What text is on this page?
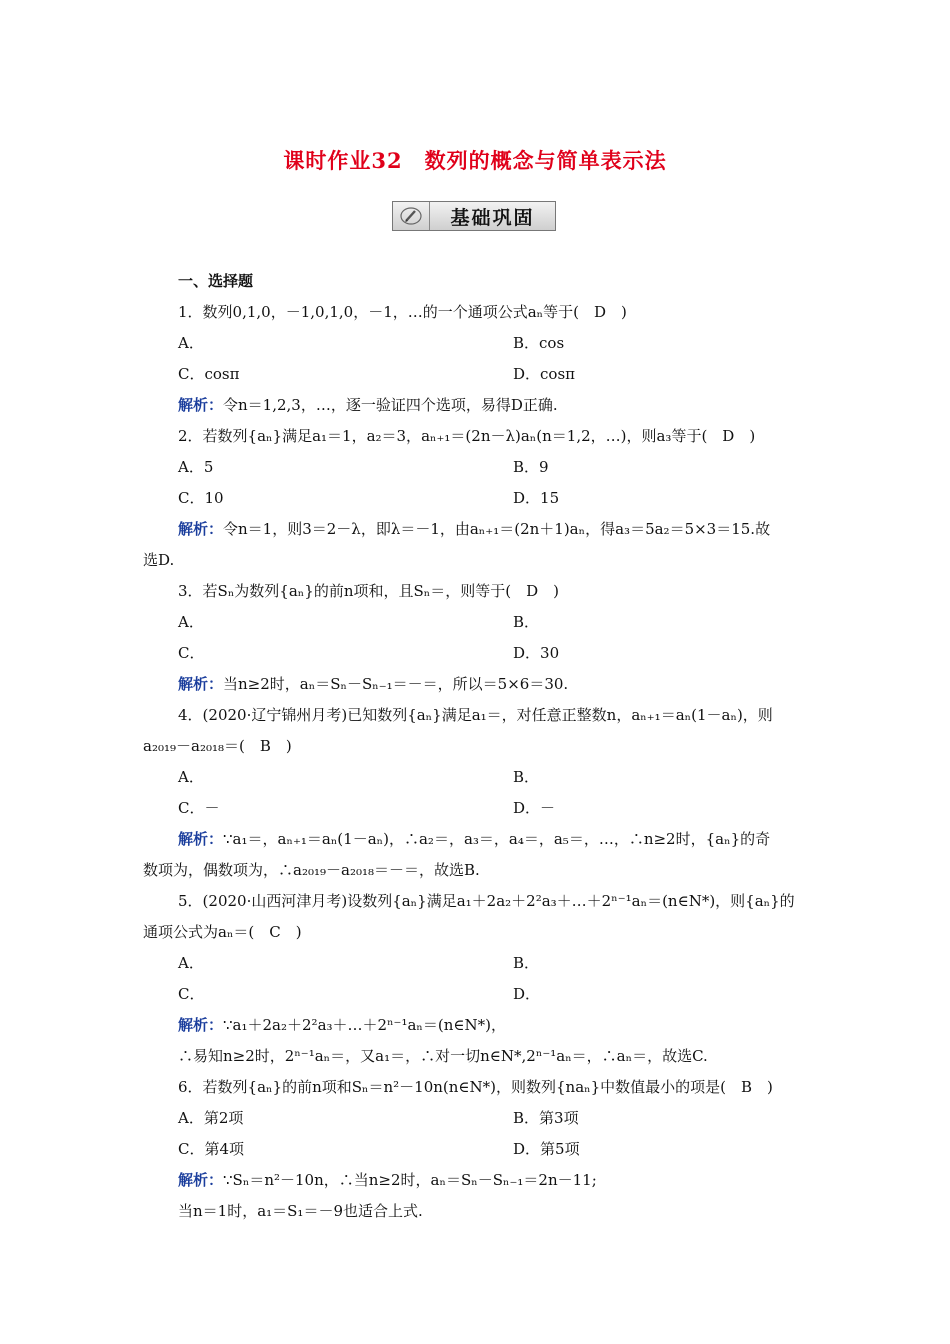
课时作业32　数列的概念与简单表示法
基础巩固
一、选择题
1．数列0,1,0，－1,0,1,0，－1，…的一个通项公式aₙ等于(　D　)
A．	B．cos
C．cosπ	D．cosπ
解析：令n＝1,2,3，…，逐一验证四个选项，易得D正确.
2．若数列{aₙ}满足a₁＝1，a₂＝3，aₙ₊₁＝(2n－λ)aₙ(n＝1,2，…)，则a₃等于(　D　)
A．5	B．9
C．10	D．15
解析：令n＝1，则3＝2－λ，即λ＝－1，由aₙ₊₁＝(2n＋1)aₙ，得a₃＝5a₂＝5×3＝15.故
选D.
3．若Sₙ为数列{aₙ}的前n项和，且Sₙ＝，则等于(　D　)
A．	B．
C．	D．30
解析：当n≥2时，aₙ＝Sₙ－Sₙ₋₁＝－＝，所以＝5×6＝30.
4．(2020·辽宁锦州月考)已知数列{aₙ}满足a₁＝，对任意正整数n，aₙ₊₁＝aₙ(1－aₙ)，则
a₂₀₁₉－a₂₀₁₈＝(　B　)
A．	B．
C．－	D．－
解析：∵a₁＝，aₙ₊₁＝aₙ(1－aₙ)，∴a₂＝，a₃＝，a₄＝，a₅＝，…，∴n≥2时，{aₙ}的奇
数项为，偶数项为，∴a₂₀₁₉－a₂₀₁₈＝－＝，故选B.
5．(2020·山西河津月考)设数列{aₙ}满足a₁＋2a₂＋2²a₃＋…＋2ⁿ⁻¹aₙ＝(n∈N*)，则{aₙ}的
通项公式为aₙ＝(　C　)
A．	B．
C．	D．
解析：∵a₁＋2a₂＋2²a₃＋…＋2ⁿ⁻¹aₙ＝(n∈N*)，
∴易知n≥2时，2ⁿ⁻¹aₙ＝，又a₁＝，∴对一切n∈N*,2ⁿ⁻¹aₙ＝，∴aₙ＝，故选C.
6．若数列{aₙ}的前n项和Sₙ＝n²－10n(n∈N*)，则数列{naₙ}中数值最小的项是(　B　)
A．第2项	B．第3项
C．第4项	D．第5项
解析：∵Sₙ＝n²－10n，∴当n≥2时，aₙ＝Sₙ－Sₙ₋₁＝2n－11;
当n＝1时，a₁＝S₁＝－9也适合上式.
